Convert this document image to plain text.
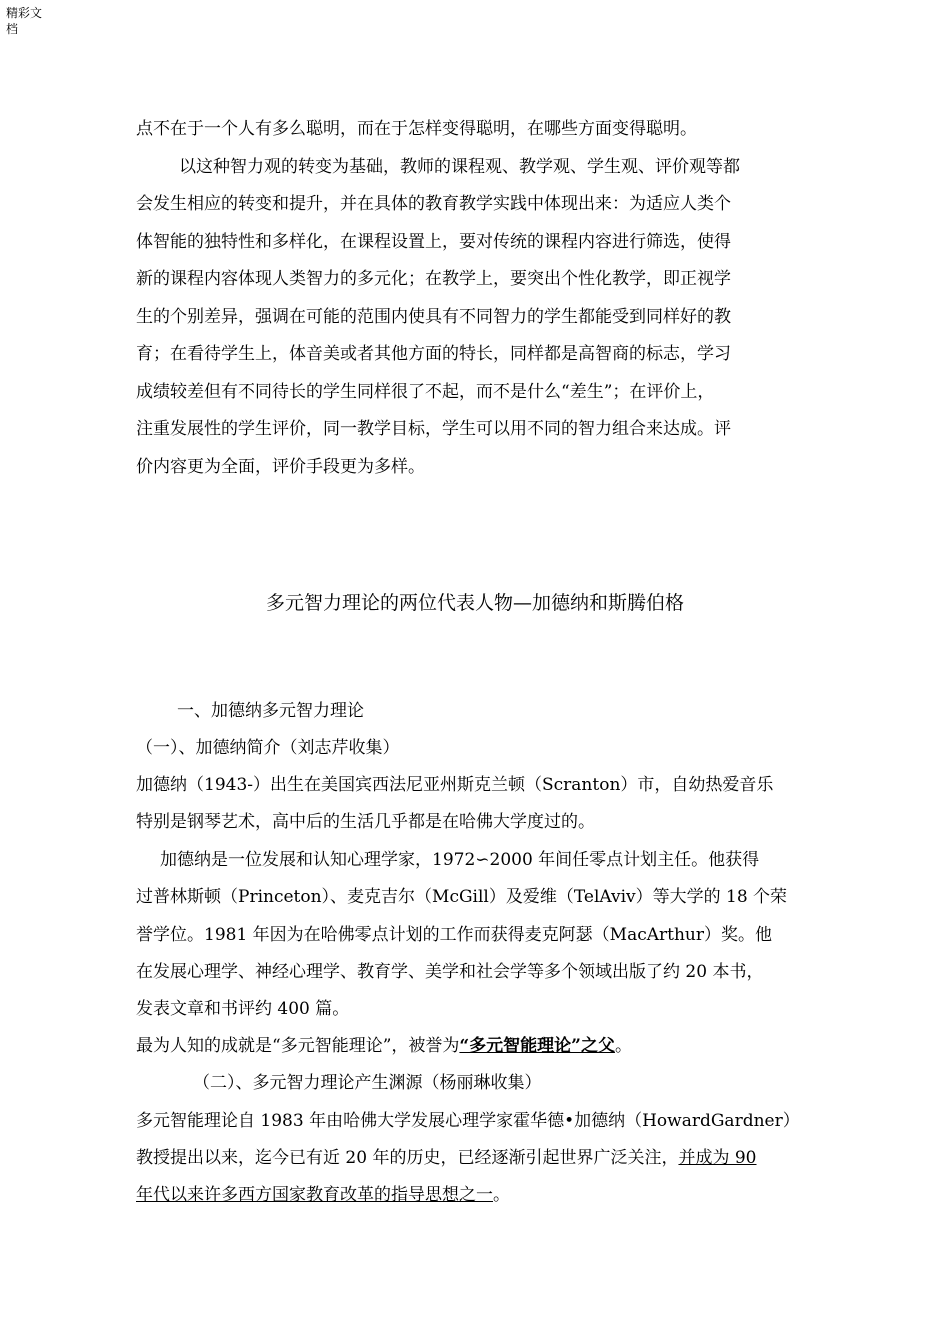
精彩文档
点不在于一个人有多么聪明，而在于怎样变得聪明，在哪些方面变得聪明。
以这种智力观的转变为基础，教师的课程观、教学观、学生观、评价观等都
会发生相应的转变和提升，并在具体的教育教学实践中体现出来：为适应人类个
体智能的独特性和多样化，在课程设置上，要对传统的课程内容进行筛选，使得
新的课程内容体现人类智力的多元化；在教学上，要突出个性化教学，即正视学
生的个别差异，强调在可能的范围内使具有不同智力的学生都能受到同样好的教
育；在看待学生上，体音美或者其他方面的特长，同样都是高智商的标志，学习
成绩较差但有不同待长的学生同样很了不起，而不是什么“差生”；在评价上，
注重发展性的学生评价，同一教学目标，学生可以用不同的智力组合来达成。评
价内容更为全面，评价手段更为多样。
多元智力理论的两位代表人物—加德纳和斯腾伯格
一、加德纳多元智力理论
（一）、加德纳简介（刘志芹收集）
加德纳（1943-）出生在美国宾西法尼亚州斯克兰顿（Scranton）市，自幼热爱音乐
特别是钢琴艺术，高中后的生活几乎都是在哈佛大学度过的。
加德纳是一位发展和认知心理学家，1972∽2000 年间任零点计划主任。他获得
过普林斯顿（Princeton）、麦克吉尔（McGill）及爱维（TelAviv）等大学的 18 个荣
誉学位。1981 年因为在哈佛零点计划的工作而获得麦克阿瑟（MacArthur）奖。他
在发展心理学、神经心理学、教育学、美学和社会学等多个领域出版了约 20 本书，
发表文章和书评约 400 篇。
最为人知的成就是“多元智能理论”，被誉为“多元智能理论”之父。
（二）、多元智力理论产生渊源（杨丽琳收集）
多元智能理论自 1983 年由哈佛大学发展心理学家霍华德•加德纳（HowardGardner）
教授提出以来，迄今已有近 20 年的历史，已经逐渐引起世界广泛关注，并成为 90
年代以来许多西方国家教育改革的指导思想之一。
